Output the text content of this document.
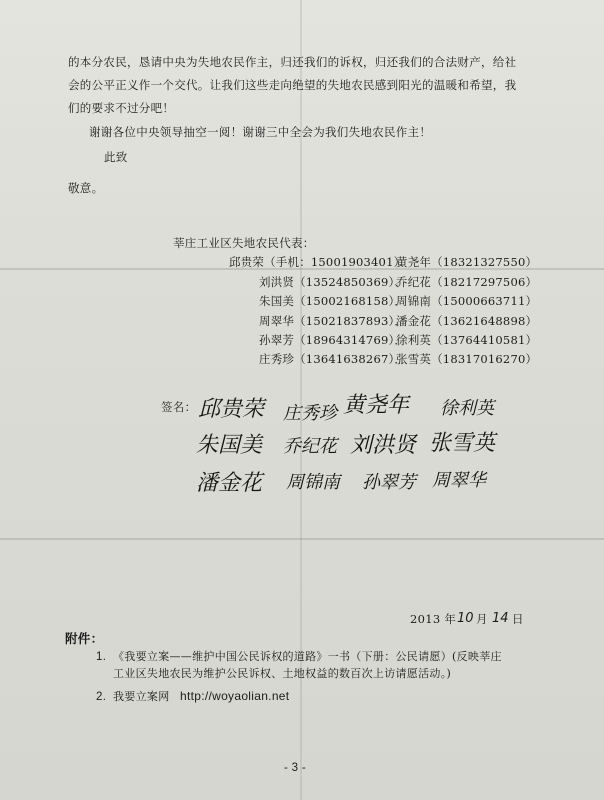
的本分农民，恳请中央为失地农民作主，归还我们的诉权，归还我们的合法财产，给社
会的公平正义作一个交代。让我们这些走向绝望的失地农民感到阳光的温暖和希望，我
们的要求不过分吧！
谢谢各位中央领导抽空一阅！谢谢三中全会为我们失地农民作主！
此致
敬意。
莘庄工业区失地农民代表：
邱贵荣（手机：15001903401）、
黄尧年（18321327550）
刘洪贤（13524850369）、
乔纪花（18217297506）
朱国美（15002168158）．
周锦南（15000663711）
周翠华（15021837893）．
潘金花（13621648898）
孙翠芳（18964314769）．
徐利英（13764410581）
庄秀珍（13641638267）．
张雪英（18317016270）
签名： 邱贵荣 庄秀珍 黄尧年 徐利英
朱国美 乔纪花 刘洪贤 张雪英
潘金花 周锦南 孙翠芳 周翠华
2013 年 10 月 14 日
附件：
1. 《我要立案——维护中国公民诉权的道路》一书（下册：公民请愿）(反映莘庄
工业区失地农民为维护公民诉权、土地权益的数百次上访请愿活动。)
2. 我要立案网 http://woyaolian.net
- 3 -
